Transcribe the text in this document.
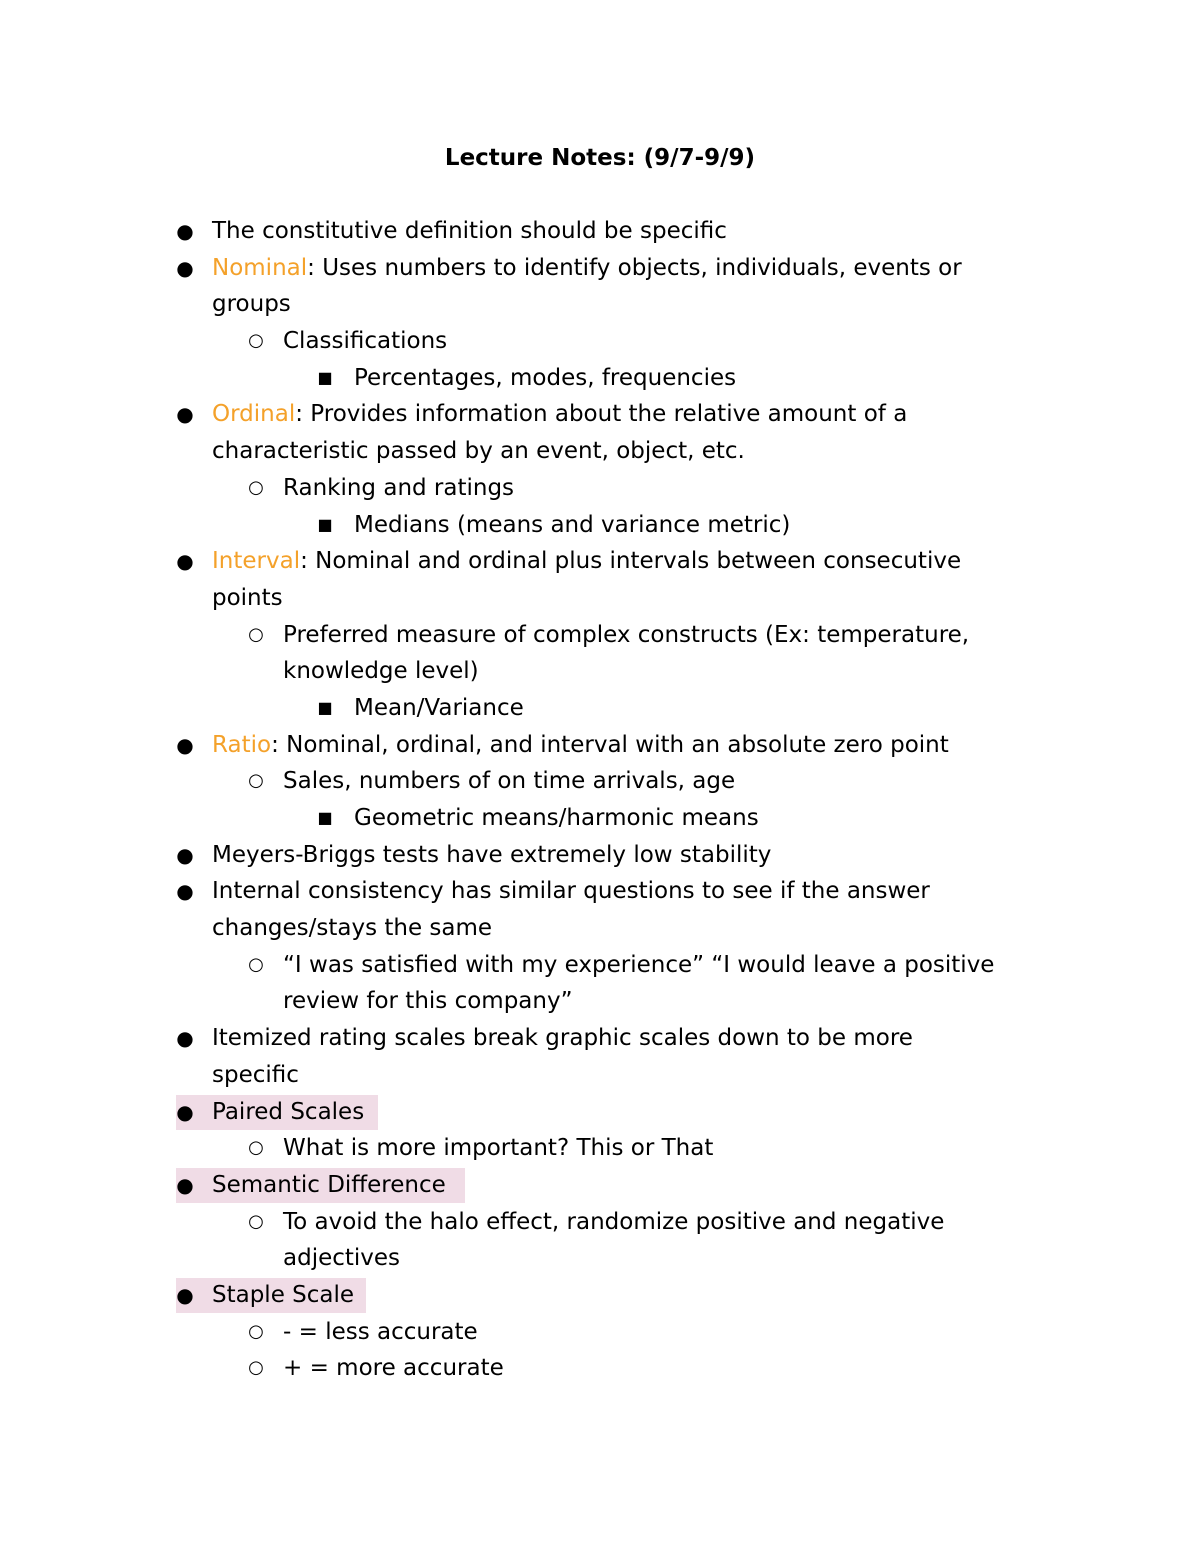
Lecture Notes: (9/7-9/9)
● The constitutive definition should be specific
● Nominal: Uses numbers to identify objects, individuals, events or
groups
○ Classifications
■ Percentages, modes, frequencies
● Ordinal: Provides information about the relative amount of a
characteristic passed by an event, object, etc.
○ Ranking and ratings
■ Medians (means and variance metric)
● Interval: Nominal and ordinal plus intervals between consecutive
points
○ Preferred measure of complex constructs (Ex: temperature,
knowledge level)
■ Mean/Variance
● Ratio: Nominal, ordinal, and interval with an absolute zero point
○ Sales, numbers of on time arrivals, age
■ Geometric means/harmonic means
● Meyers-Briggs tests have extremely low stability
● Internal consistency has similar questions to see if the answer
changes/stays the same
○ “I was satisfied with my experience” “I would leave a positive
review for this company”
● Itemized rating scales break graphic scales down to be more
specific
● Paired Scales
○ What is more important? This or That
● Semantic Difference
○ To avoid the halo effect, randomize positive and negative
adjectives
● Staple Scale
○ - = less accurate
○ + = more accurate
